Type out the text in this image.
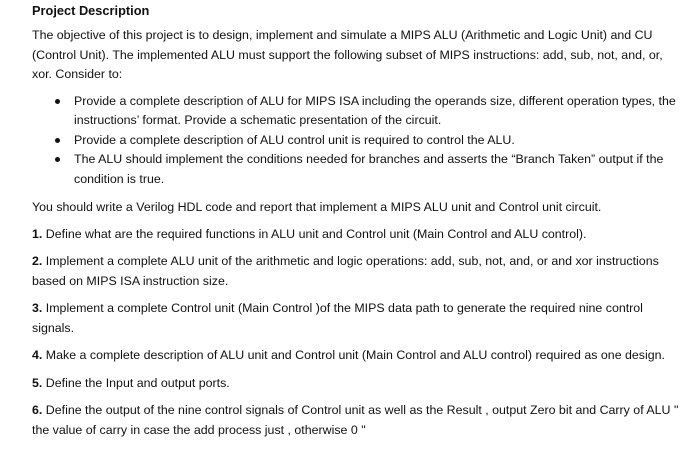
Project Description

The objective of this project is to design, implement and simulate a MIPS ALU (Arithmetic and Logic Unit) and CU (Control Unit). The implemented ALU must support the following subset of MIPS instructions: add, sub, not, and, or, xor. Consider to:

Provide a complete description of ALU for MIPS ISA including the operands size, different operation types, the instructions’ format. Provide a schematic presentation of the circuit.
Provide a complete description of ALU control unit is required to control the ALU.
The ALU should implement the conditions needed for branches and asserts the “Branch Taken” output if the condition is true.

You should write a Verilog HDL code and report that implement a MIPS ALU unit and Control unit circuit.

1. Define what are the required functions in ALU unit and Control unit (Main Control and ALU control).
2. Implement a complete ALU unit of the arithmetic and logic operations: add, sub, not, and, or and xor instructions based on MIPS ISA instruction size.
3. Implement a complete Control unit (Main Control )of the MIPS data path to generate the required nine control signals.
4. Make a complete description of ALU unit and Control unit (Main Control and ALU control) required as one design.
5. Define the Input and output ports.
6. Define the output of the nine control signals of Control unit as well as the Result , output Zero bit and Carry of ALU " the value of carry in case the add process just , otherwise 0 "
